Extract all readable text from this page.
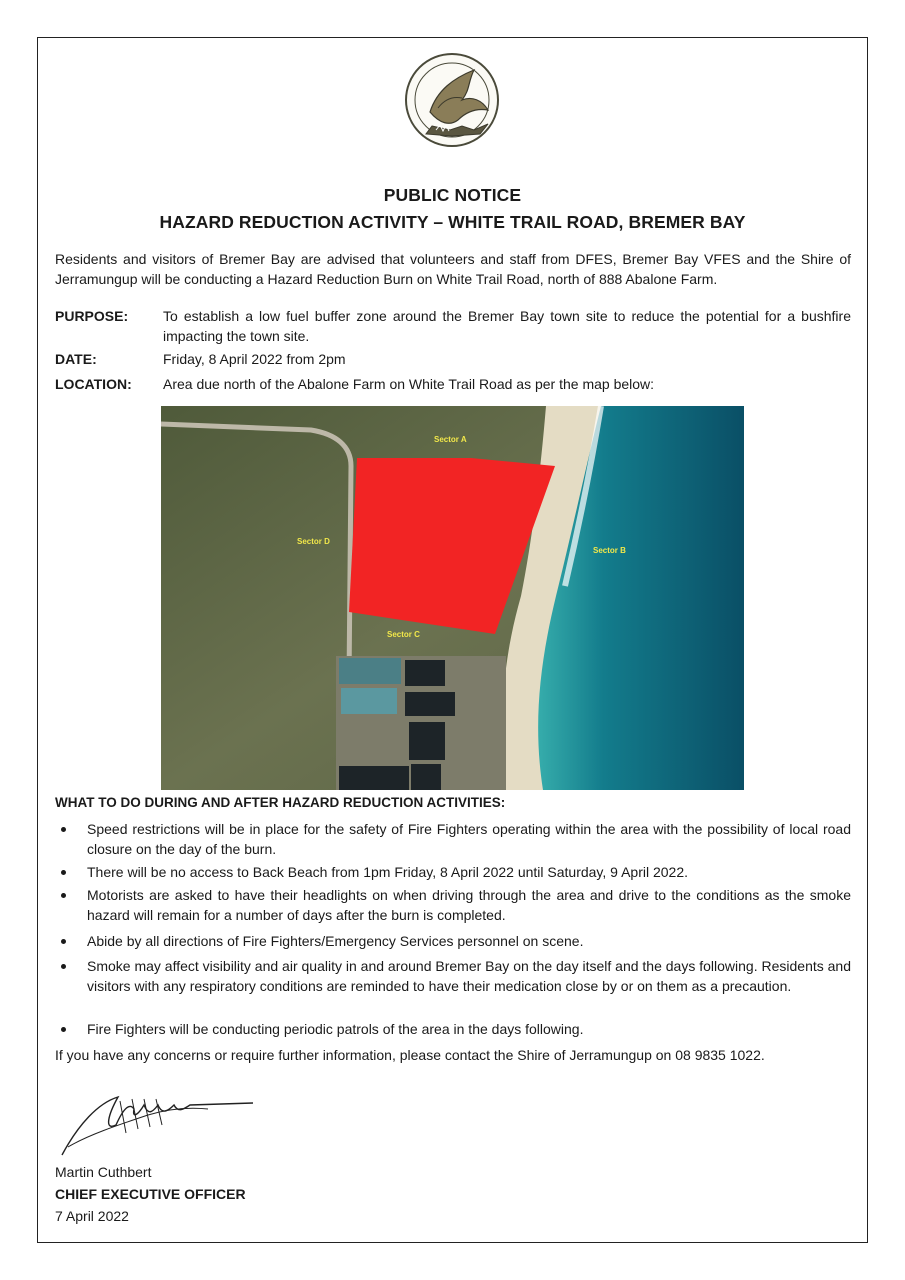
PUBLIC NOTICE
HAZARD REDUCTION ACTIVITY – WHITE TRAIL ROAD, BREMER BAY
Residents and visitors of Bremer Bay are advised that volunteers and staff from DFES, Bremer Bay VFES and the Shire of Jerramungup will be conducting a Hazard Reduction Burn on White Trail Road, north of 888 Abalone Farm.
PURPOSE: To establish a low fuel buffer zone around the Bremer Bay town site to reduce the potential for a bushfire impacting the town site.
DATE:	Friday, 8 April 2022 from 2pm
LOCATION: Area due north of the Abalone Farm on White Trail Road as per the map below:
Sector A
Sector B
Sector C
Sector D
WHAT TO DO DURING AND AFTER HAZARD REDUCTION ACTIVITIES:
Speed restrictions will be in place for the safety of Fire Fighters operating within the area with the possibility of local road closure on the day of the burn.
There will be no access to Back Beach from 1pm Friday, 8 April 2022 until Saturday, 9 April 2022.
Motorists are asked to have their headlights on when driving through the area and drive to the conditions as the smoke hazard will remain for a number of days after the burn is completed.
Abide by all directions of Fire Fighters/Emergency Services personnel on scene.
Smoke may affect visibility and air quality in and around Bremer Bay on the day itself and the days following. Residents and visitors with any respiratory conditions are reminded to have their medication close by or on them as a precaution.
Fire Fighters will be conducting periodic patrols of the area in the days following.
If you have any concerns or require further information, please contact the Shire of Jerramungup on 08 9835 1022.
Martin Cuthbert
CHIEF EXECUTIVE OFFICER
7 April 2022
